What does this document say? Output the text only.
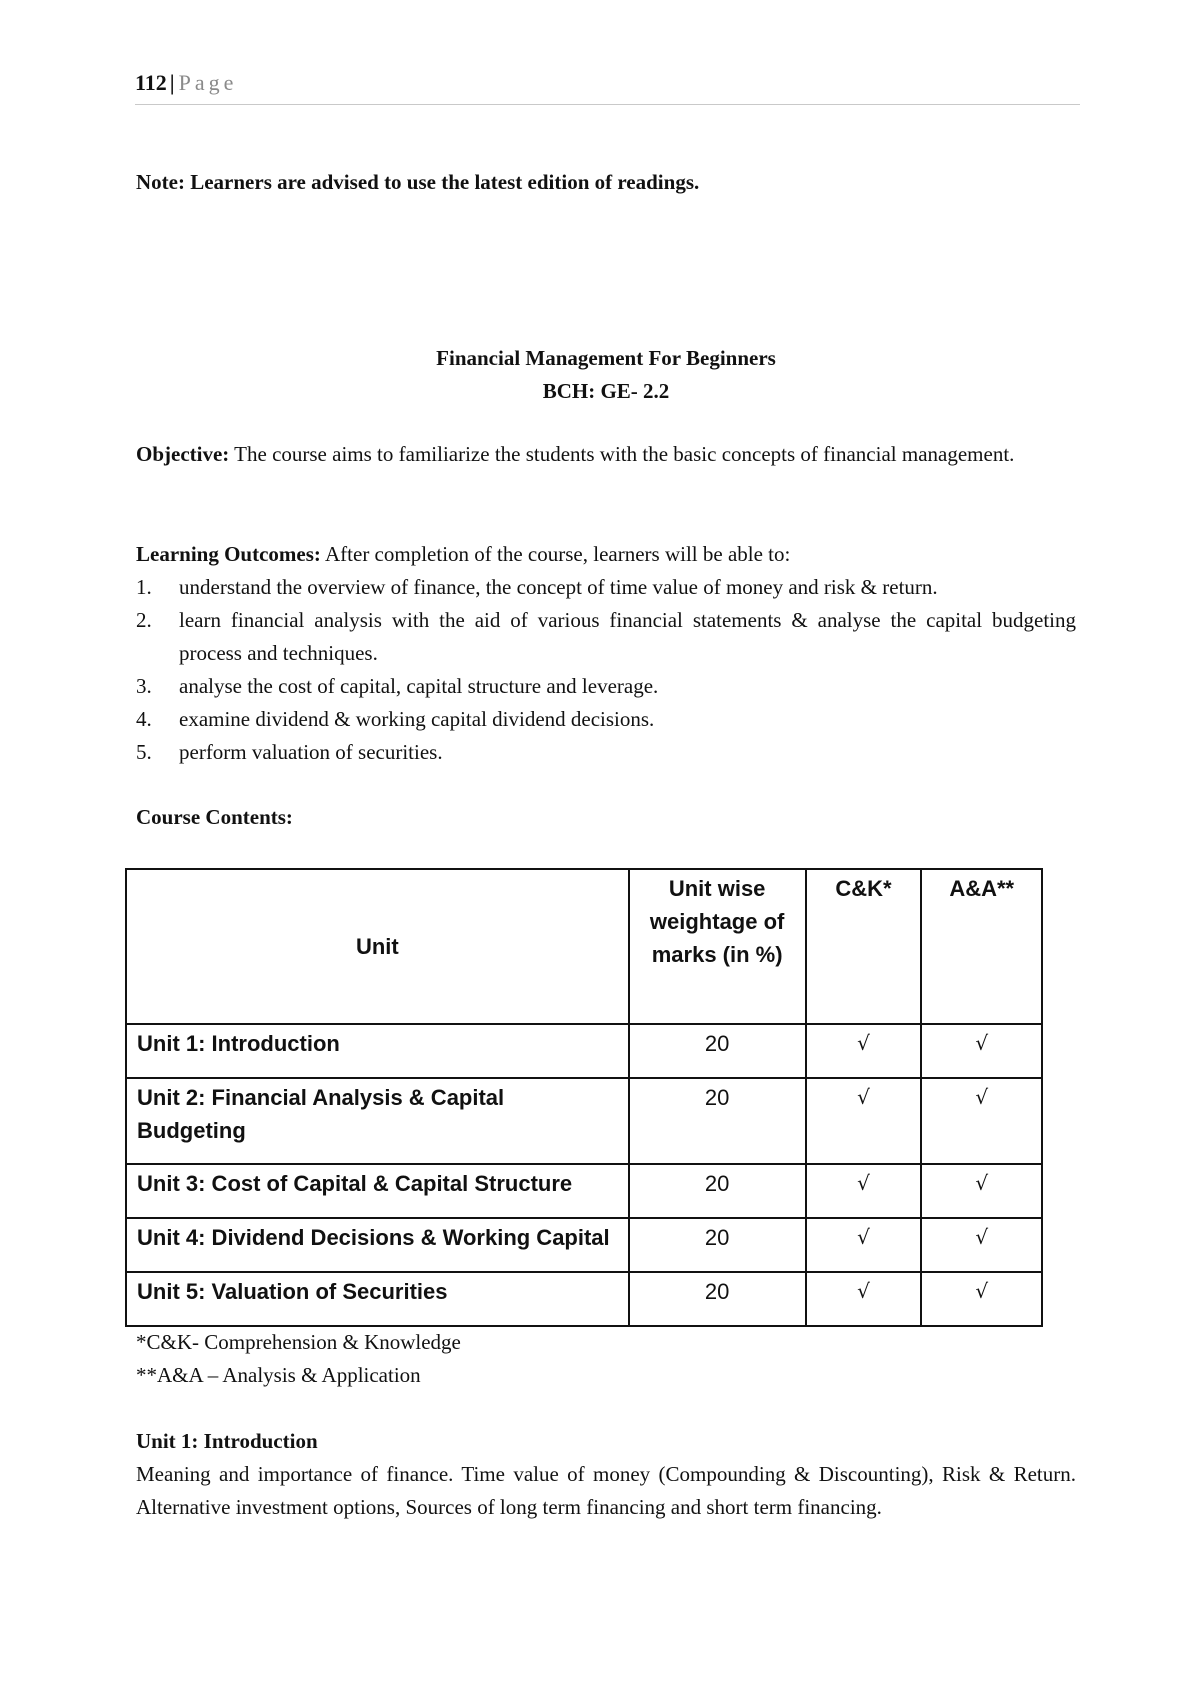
112 | Page
Note: Learners are advised to use the latest edition of readings.
Financial Management For Beginners
BCH: GE- 2.2
Objective: The course aims to familiarize the students with the basic concepts of financial management.
Learning Outcomes: After completion of the course, learners will be able to:
1. understand the overview of finance, the concept of time value of money and risk & return.
2. learn financial analysis with the aid of various financial statements & analyse the capital budgeting process and techniques.
3. analyse the cost of capital, capital structure and leverage.
4. examine dividend & working capital dividend decisions.
5. perform valuation of securities.
Course Contents:
Unit	Unit wise weightage of marks (in %)	C&K*	A&A**
Unit 1: Introduction	20	√	√
Unit 2: Financial Analysis & Capital Budgeting	20	√	√
Unit 3: Cost of Capital & Capital Structure	20	√	√
Unit 4: Dividend Decisions & Working Capital	20	√	√
Unit 5: Valuation of Securities	20	√	√
*C&K- Comprehension & Knowledge
**A&A – Analysis & Application
Unit 1: Introduction
Meaning and importance of finance. Time value of money (Compounding & Discounting), Risk & Return. Alternative investment options, Sources of long term financing and short term financing.
